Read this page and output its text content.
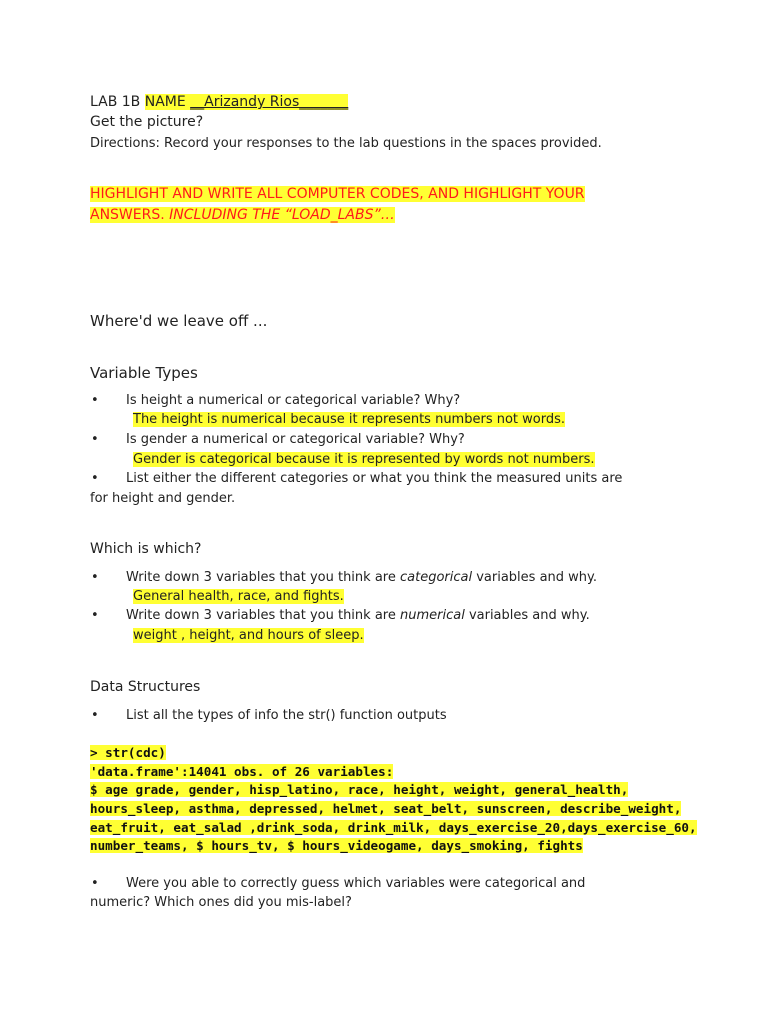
LAB 1B NAME __Arizandy Rios_______
Get the picture?
Directions: Record your responses to the lab questions in the spaces provided.
HIGHLIGHT AND WRITE ALL COMPUTER CODES, AND HIGHLIGHT YOUR
ANSWERS. INCLUDING THE “LOAD_LABS”…
Where'd we leave off ...
Variable Types
• Is height a numerical or categorical variable? Why?
The height is numerical because it represents numbers not words.
• Is gender a numerical or categorical variable? Why?
Gender is categorical because it is represented by words not numbers.
• List either the different categories or what you think the measured units are
for height and gender.
Which is which?
• Write down 3 variables that you think are categorical variables and why.
General health, race, and fights.
• Write down 3 variables that you think are numerical variables and why.
weight , height, and hours of sleep.
Data Structures
• List all the types of info the str() function outputs
> str(cdc)
'data.frame':14041 obs. of 26 variables:
$ age grade, gender, hisp_latino, race, height, weight, general_health,
hours_sleep, asthma, depressed, helmet, seat_belt, sunscreen, describe_weight,
eat_fruit, eat_salad ,drink_soda, drink_milk, days_exercise_20,days_exercise_60,
number_teams, $ hours_tv, $ hours_videogame, days_smoking, fights
• Were you able to correctly guess which variables were categorical and
numeric? Which ones did you mis-label?
